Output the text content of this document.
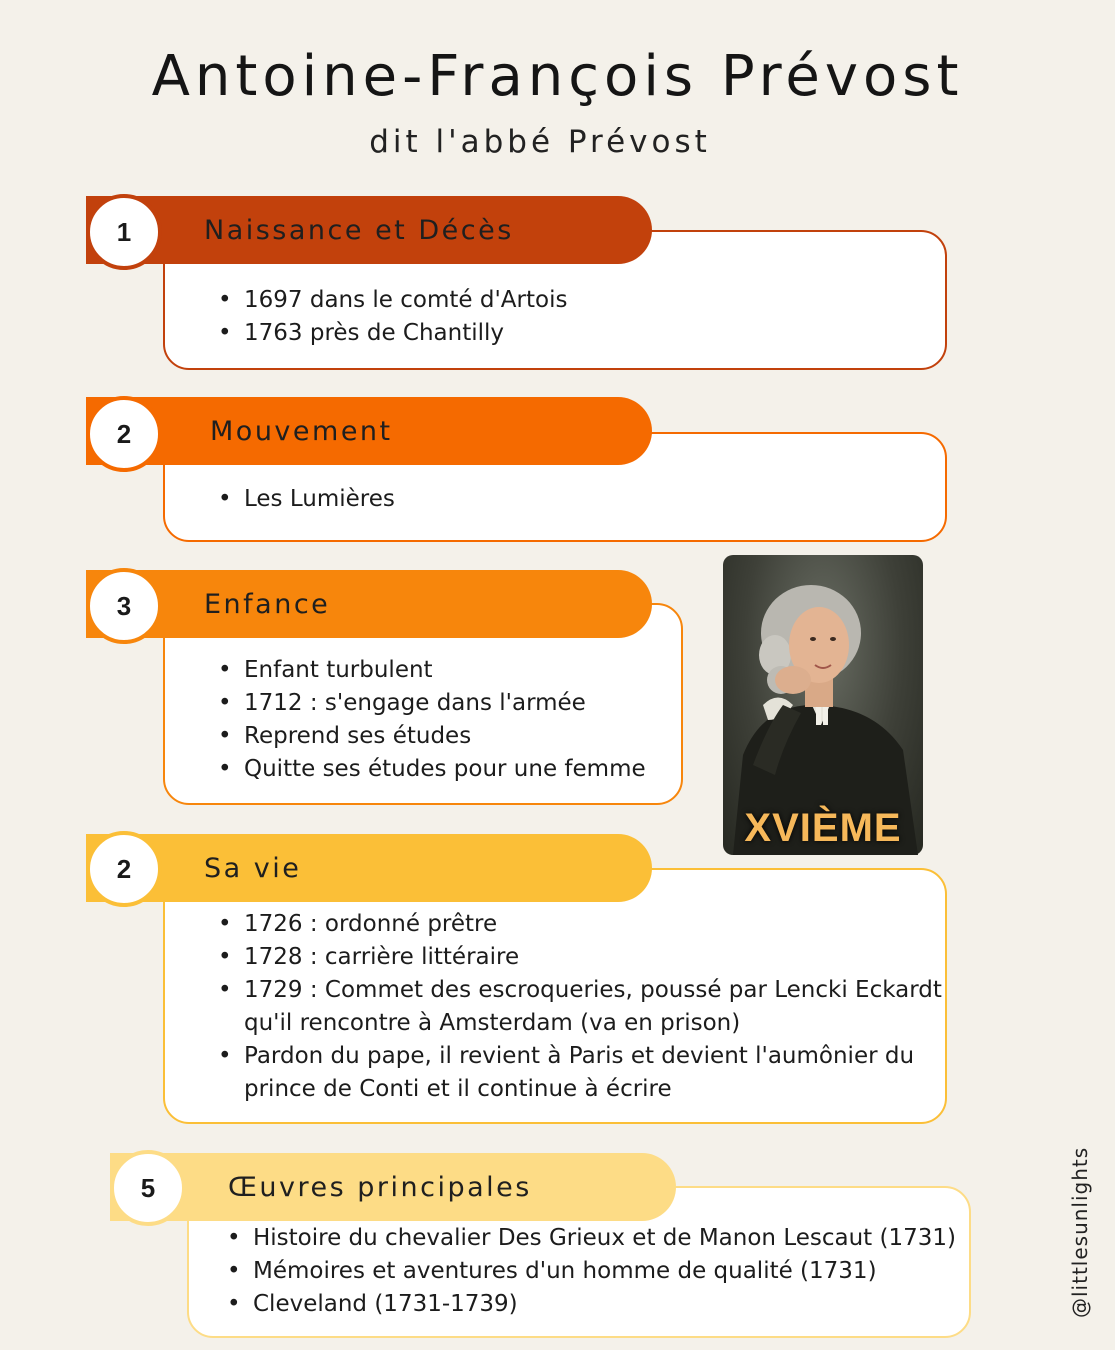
Antoine-François Prévost
dit l'abbé Prévost
Naissance et Décès
1
• 1697 dans le comté d'Artois
• 1763 près de Chantilly
Mouvement
2
• Les Lumières
Enfance
3
• Enfant turbulent
• 1712 : s'engage dans l'armée
• Reprend ses études
• Quitte ses études pour une femme
XVIÈME
Sa vie
2
• 1726 : ordonné prêtre
• 1728 : carrière littéraire
• 1729 : Commet des escroqueries, poussé par Lencki Eckardt qu'il rencontre à Amsterdam (va en prison)
• Pardon du pape, il revient à Paris et devient l'aumônier du prince de Conti et il continue à écrire
Œuvres principales
5
• Histoire du chevalier Des Grieux et de Manon Lescaut (1731)
• Mémoires et aventures d'un homme de qualité (1731)
• Cleveland (1731-1739)	@littlesunlights
